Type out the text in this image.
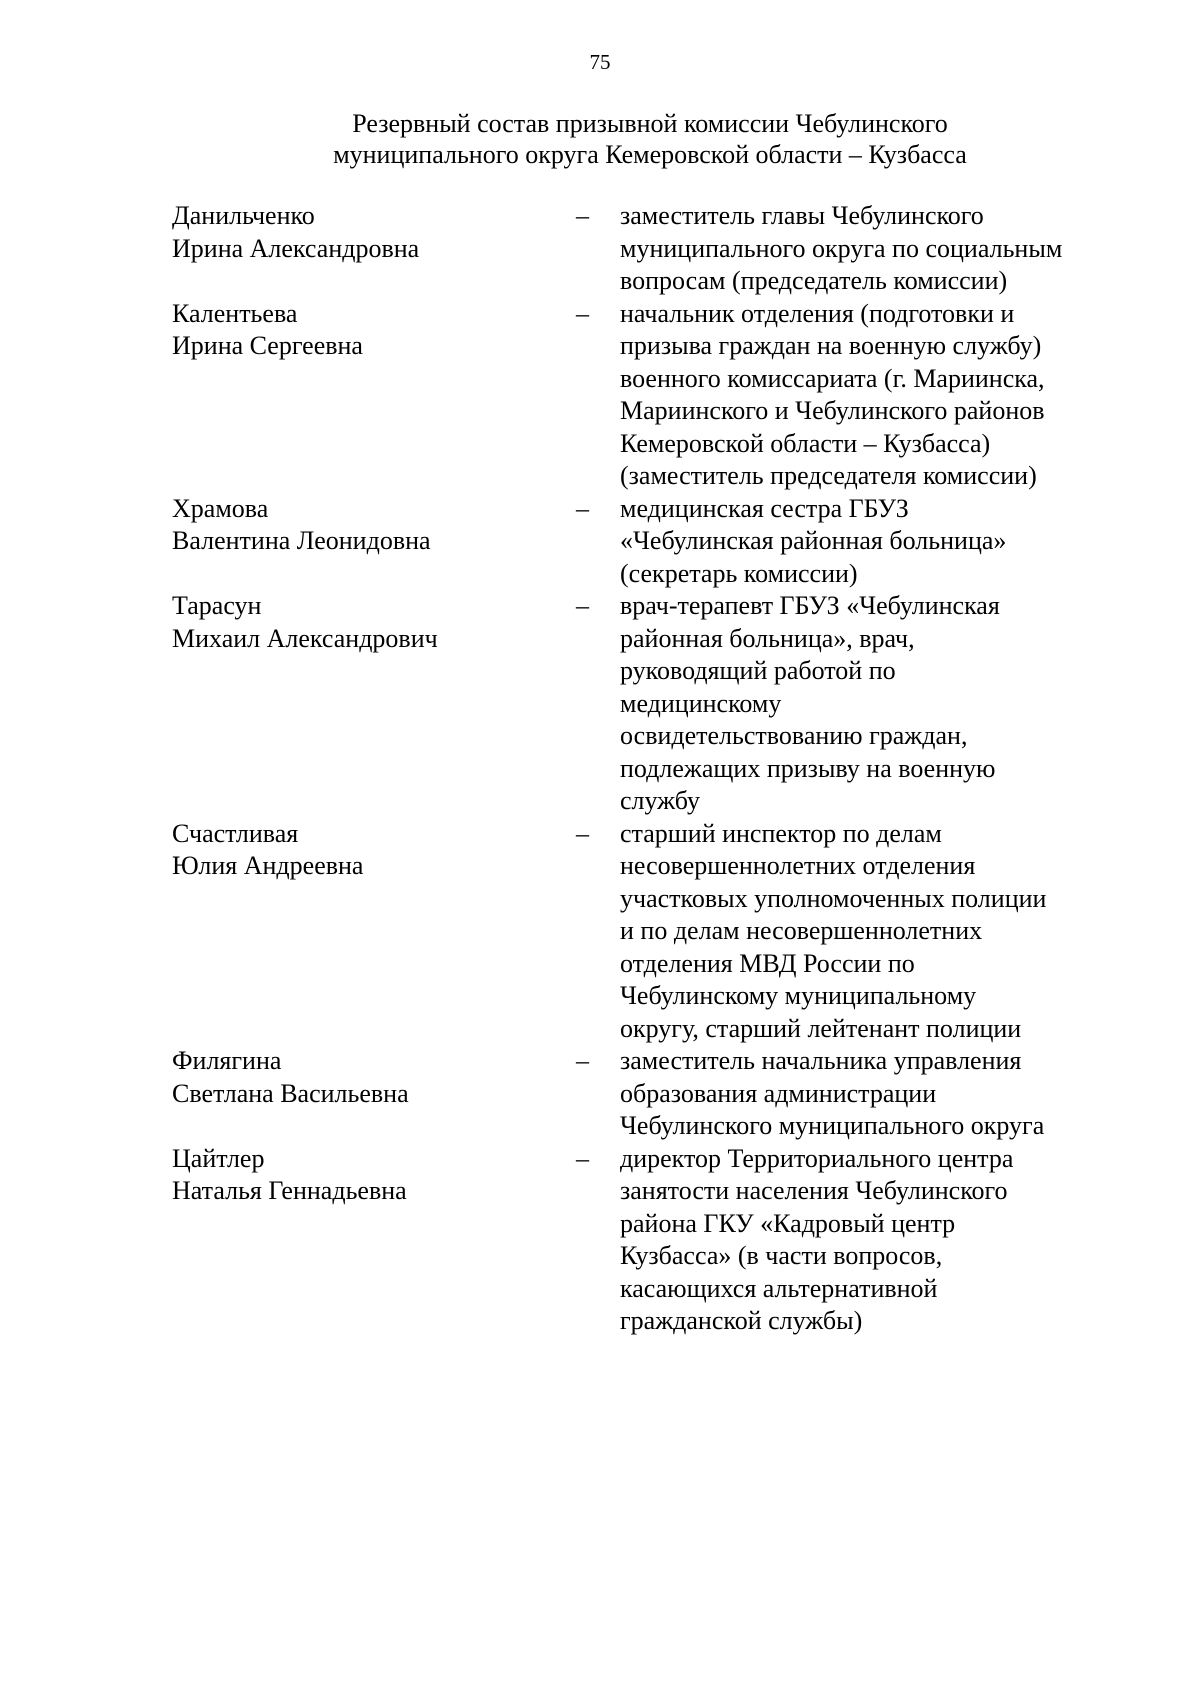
75
Резервный состав призывной комиссии Чебулинского
муниципального округа Кемеровской области – Кузбасса
Данильченко
Ирина Александровна
–	заместитель главы Чебулинского
муниципального округа по социальным
вопросам (председатель комиссии)
Калентьева
Ирина Сергеевна
–	начальник отделения (подготовки и
призыва граждан на военную службу)
военного комиссариата (г. Мариинска,
Мариинского и Чебулинского районов
Кемеровской области – Кузбасса)
(заместитель председателя комиссии)
Храмова
Валентина Леонидовна
–	медицинская сестра ГБУЗ
«Чебулинская районная больница»
(секретарь комиссии)
Тарасун
Михаил Александрович
–	врач-терапевт ГБУЗ «Чебулинская
районная больница», врач,
руководящий работой по
медицинскому
освидетельствованию граждан,
подлежащих призыву на военную
службу
Счастливая
Юлия Андреевна
–	старший инспектор по делам
несовершеннолетних отделения
участковых уполномоченных полиции
и по делам несовершеннолетних
отделения МВД России по
Чебулинскому муниципальному
округу, старший лейтенант полиции
Филягина
Светлана Васильевна
–	заместитель начальника управления
образования администрации
Чебулинского муниципального округа
Цайтлер
Наталья Геннадьевна
–	директор Территориального центра
занятости населения Чебулинского
района ГКУ «Кадровый центр
Кузбасса» (в части вопросов,
касающихся альтернативной
гражданской службы)
